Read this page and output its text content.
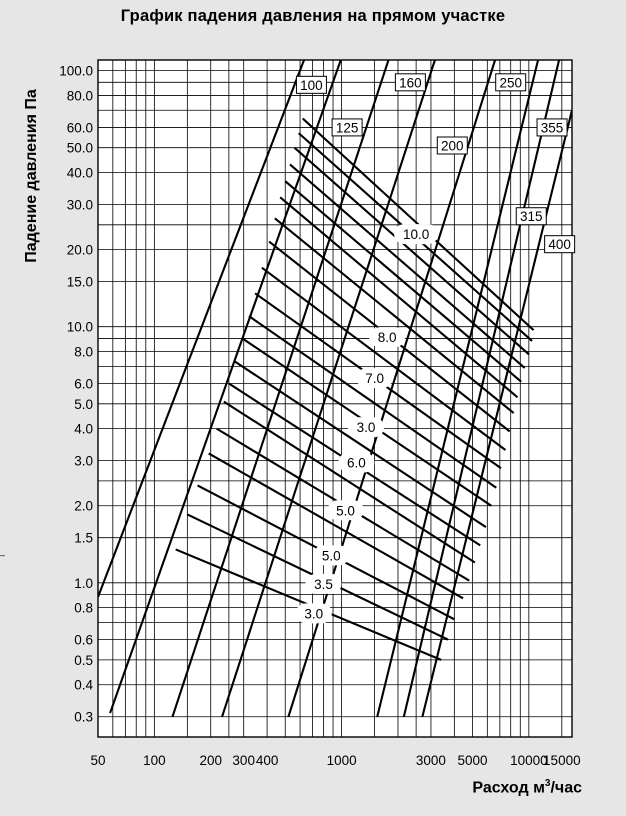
График падения давления на прямом участке
Падение давления Па
Расход $м^3$/час
‒
0.3
0.4
0.5
0.6
0.8
1.0
1.5
2.0
3.0
4.0
5.0
6.0
8.0
10.0
15.0
20.0
30.0
40.0
50.0
60.0
80.0
100.0
50	100	200 300 400	1000	3000 5000 10000
15000
100
125
160
200
250
315
355
400
10.0
8.0
7.0
3.0
6.0
5.0
5.0
3.5
3.0
